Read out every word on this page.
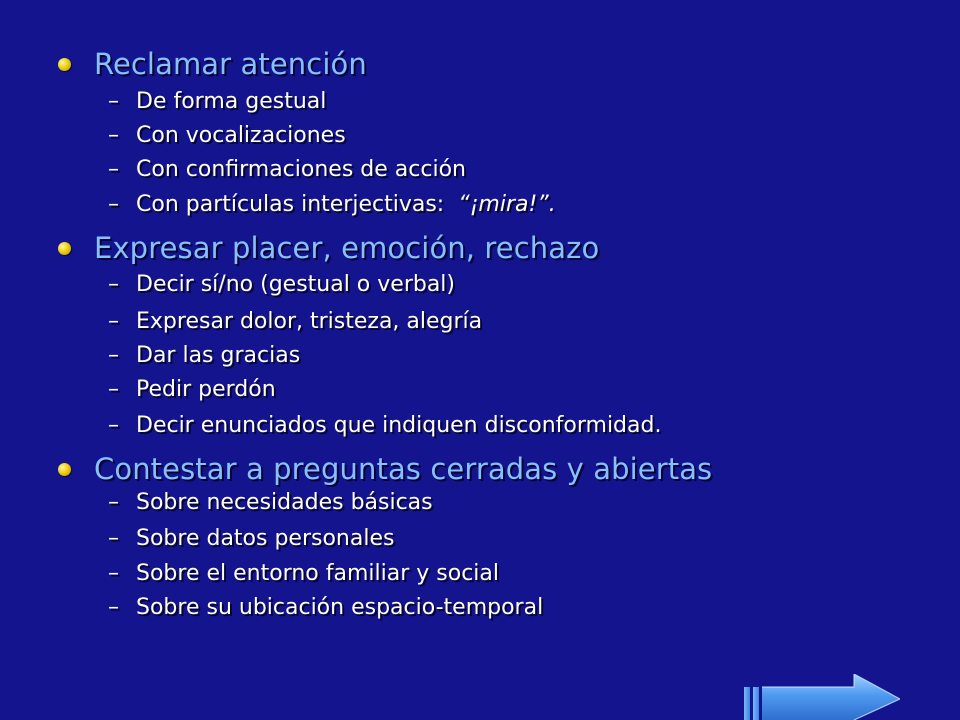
Reclamar atención
– De forma gestual
– Con vocalizaciones
– Con confirmaciones de acción
– Con partículas interjectivas:  “¡mira!”.
Expresar placer, emoción, rechazo
– Decir sí/no (gestual o verbal)
– Expresar dolor, tristeza, alegría
– Dar las gracias
– Pedir perdón
– Decir enunciados que indiquen disconformidad.
Contestar a preguntas cerradas y abiertas
– Sobre necesidades básicas
– Sobre datos personales
– Sobre el entorno familiar y social
– Sobre su ubicación espacio-temporal
